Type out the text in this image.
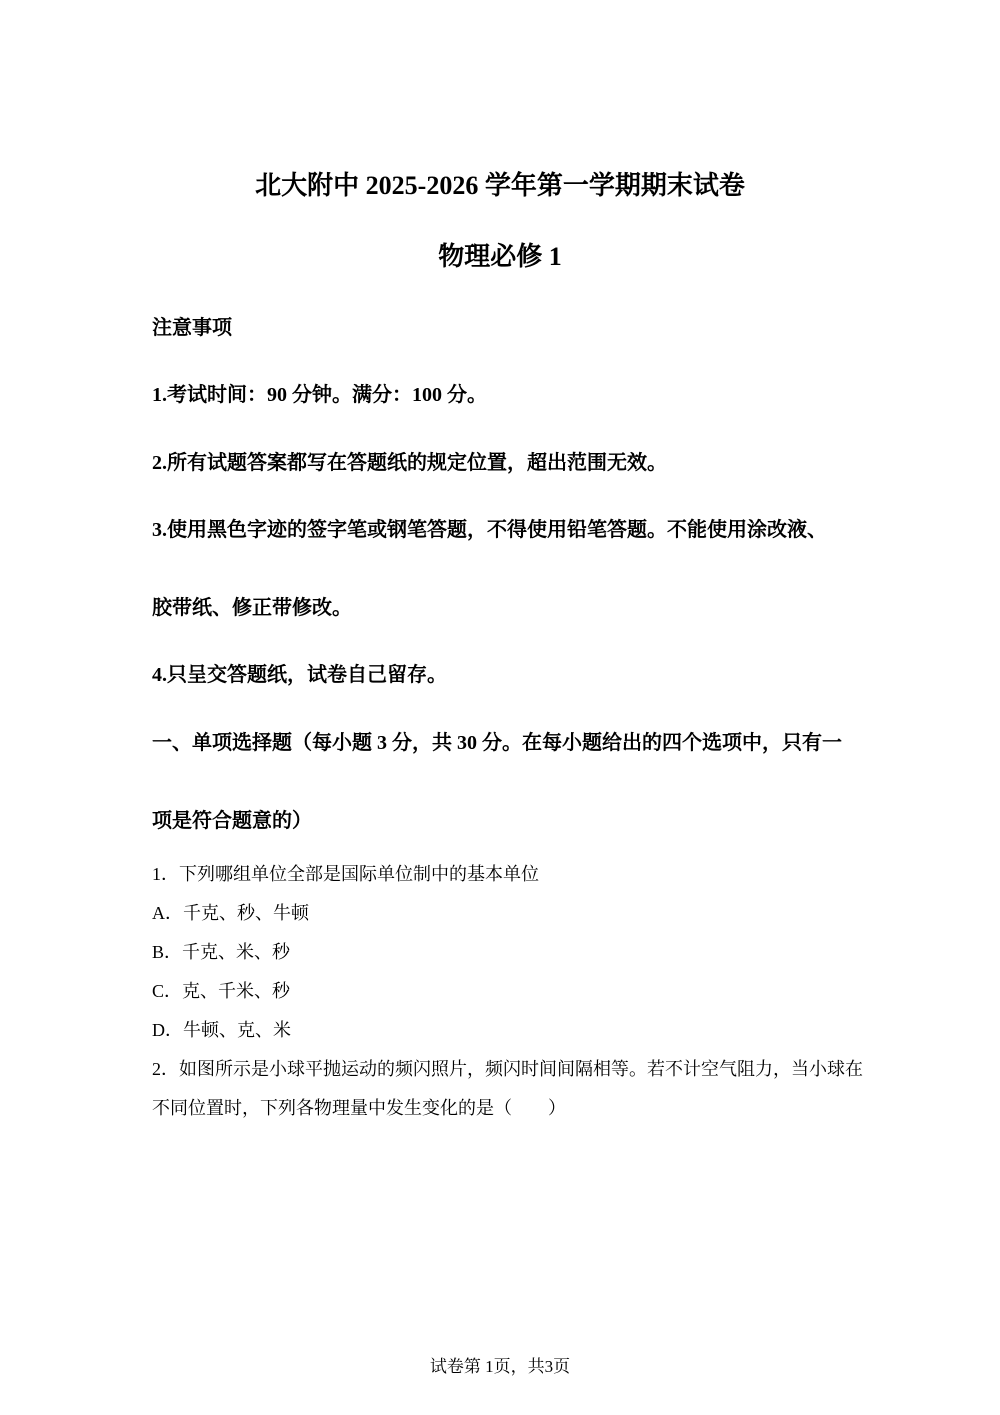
北大附中 2025-2026 学年第一学期期末试卷
物理必修 1
注意事项
1.考试时间：90 分钟。满分：100 分。
2.所有试题答案都写在答题纸的规定位置，超出范围无效。
3.使用黑色字迹的签字笔或钢笔答题，不得使用铅笔答题。不能使用涂改液、
胶带纸、修正带修改。
4.只呈交答题纸，试卷自己留存。
一、单项选择题（每小题 3 分，共 30 分。在每小题给出的四个选项中，只有一
项是符合题意的）
1．下列哪组单位全部是国际单位制中的基本单位
A．千克、秒、牛顿
B．千克、米、秒
C．克、千米、秒
D．牛顿、克、米
2．如图所示是小球平抛运动的频闪照片，频闪时间间隔相等。若不计空气阻力，当小球在
不同位置时，下列各物理量中发生变化的是（　　）
试卷第 1页，共3页
